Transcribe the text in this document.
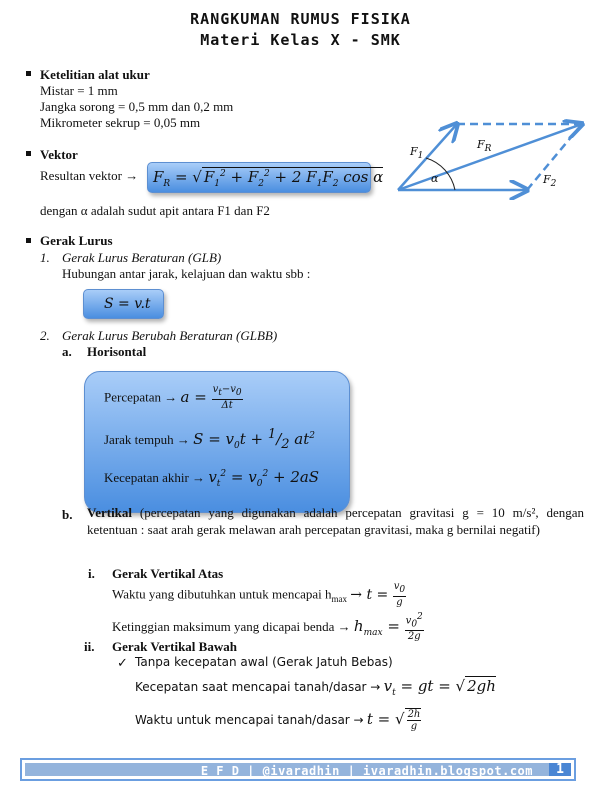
RANGKUMAN RUMUS FISIKA
Materi Kelas X - SMK
Ketelitian alat ukur
Mistar = 1 mm
Jangka sorong = 0,5 mm dan 0,2 mm
Mikrometer sekrup = 0,05 mm
Vektor
Resultan vektor → $F_R$ = √ $F_1^2 + F_2^2 + 2$ $F_1F_2$ cos α
dengan α adalah sudut apit antara F1 dan F2
$F_1$
$F_R$
$F_2$
α
Gerak Lurus
1. Gerak Lurus Beraturan (GLB)
Hubungan antar jarak, kelajuan dan waktu sbb :
S = v.t
2. Gerak Lurus Berubah Beraturan (GLBB)
a. Horisontal
Percepatan → $a = \frac{v_t-v_0}{\Delta t}$
Jarak tempuh → $S = v_0t + ^1/_2$ $at^2$
Kecepatan akhir → $v_t^2 = v_0^2 + 2aS$
b. Vertikal (percepatan yang digunakan adalah percepatan gravitasi g = 10 m/s², dengan ketentuan : saat arah gerak melawan arah percepatan gravitasi, maka g bernilai negatif)
i. Gerak Vertikal Atas
Waktu yang dibutuhkan untuk mencapai $h_{max} \to t = \frac{v_0}{g}$
Ketinggian maksimum yang dicapai benda → $h_{max} = \frac{v_0^2}{2g}$
ii. Gerak Vertikal Bawah
✓ Tanpa kecepatan awal (Gerak Jatuh Bebas)
Kecepatan saat mencapai tanah/dasar → $v_t$ = gt = √ 2gh
Waktu untuk mencapai tanah/dasar → t = √ $\frac{2h}{g}$
E F D | @ivaradhin | ivaradhin.blogspot.com	1
